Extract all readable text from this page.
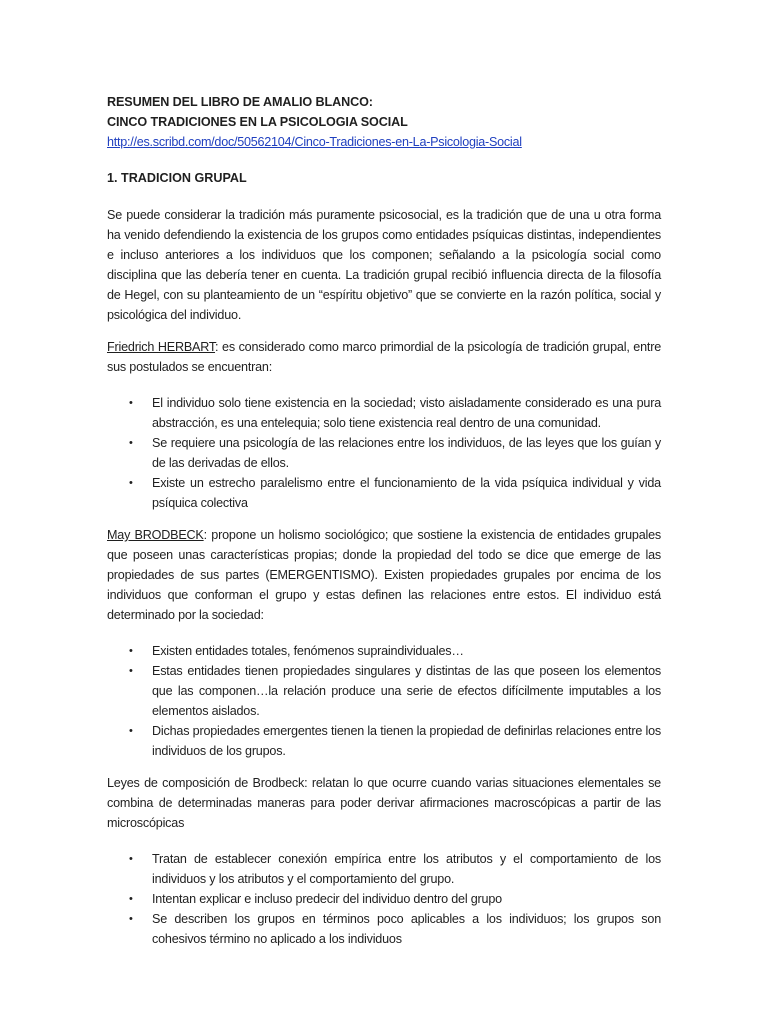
RESUMEN DEL LIBRO DE AMALIO BLANCO:
CINCO TRADICIONES EN LA PSICOLOGIA SOCIAL
http://es.scribd.com/doc/50562104/Cinco-Tradiciones-en-La-Psicologia-Social
1. TRADICION GRUPAL

Se puede considerar la tradición más puramente psicosocial, es la tradición que de una u otra forma ha venido defendiendo la existencia de los grupos como entidades psíquicas distintas, independientes e incluso anteriores a los individuos que los componen; señalando a la psicología social como disciplina que las debería tener en cuenta. La tradición grupal recibió influencia directa de la filosofía de Hegel, con su planteamiento de un “espíritu objetivo” que se convierte en la razón política, social y psicológica del individuo.

Friedrich HERBART: es considerado como marco primordial de la psicología de tradición grupal, entre sus postulados se encuentran:

• El individuo solo tiene existencia en la sociedad; visto aisladamente considerado es una pura abstracción, es una entelequia; solo tiene existencia real dentro de una comunidad.
• Se requiere una psicología de las relaciones entre los individuos, de las leyes que los guían y de las derivadas de ellos.
• Existe un estrecho paralelismo entre el funcionamiento de la vida psíquica individual y vida psíquica colectiva

May BRODBECK: propone un holismo sociológico; que sostiene la existencia de entidades grupales que poseen unas características propias; donde la propiedad del todo se dice que emerge de las propiedades de sus partes (EMERGENTISMO). Existen propiedades grupales por encima de los individuos que conforman el grupo y estas definen las relaciones entre estos. El individuo está determinado por la sociedad:

• Existen entidades totales, fenómenos supraindividuales…
• Estas entidades tienen propiedades singulares y distintas de las que poseen los elementos que las componen…la relación produce una serie de efectos difícilmente imputables a los elementos aislados.
• Dichas propiedades emergentes tienen la tienen la propiedad de definirlas relaciones entre los individuos de los grupos.

Leyes de composición de Brodbeck: relatan lo que ocurre cuando varias situaciones elementales se combina de determinadas maneras para poder derivar afirmaciones macroscópicas a partir de las microscópicas

• Tratan de establecer conexión empírica entre los atributos y el comportamiento de los individuos y los atributos y el comportamiento del grupo.
• Intentan explicar e incluso predecir del individuo dentro del grupo
• Se describen los grupos en términos poco aplicables a los individuos; los grupos son cohesivos término no aplicado a los individuos
